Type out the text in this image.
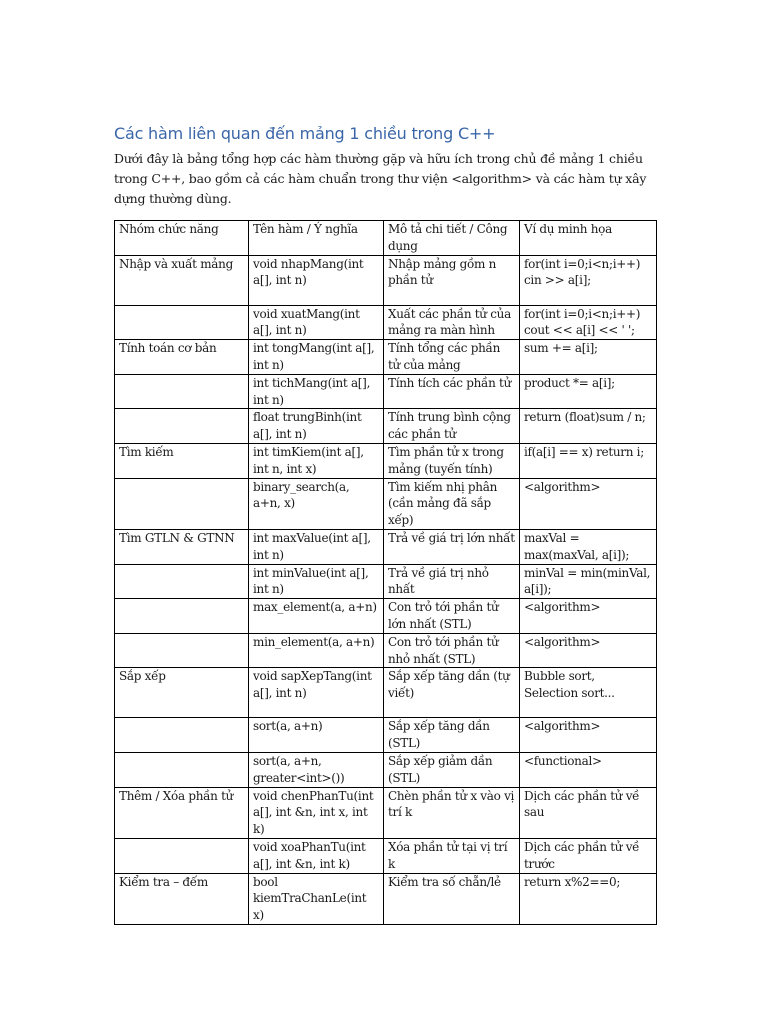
Các hàm liên quan đến mảng 1 chiều trong C++

Dưới đây là bảng tổng hợp các hàm thường gặp và hữu ích trong chủ đề mảng 1 chiều trong C++, bao gồm cả các hàm chuẩn trong thư viện <algorithm> và các hàm tự xây dựng thường dùng.

Nhóm chức năng	Tên hàm / Ý nghĩa	Mô tả chi tiết / Công dụng	Ví dụ minh họa
Nhập và xuất mảng	void nhapMang(int a[], int n)	Nhập mảng gồm n phần tử	for(int i=0;i<n;i++) cin >> a[i];
	void xuatMang(int a[], int n)	Xuất các phần tử của mảng ra màn hình	for(int i=0;i<n;i++) cout << a[i] << ' ';
Tính toán cơ bản	int tongMang(int a[], int n)	Tính tổng các phần tử của mảng	sum += a[i];
	int tichMang(int a[], int n)	Tính tích các phần tử	product *= a[i];
	float trungBinh(int a[], int n)	Tính trung bình cộng các phần tử	return (float)sum / n;
Tìm kiếm	int timKiem(int a[], int n, int x)	Tìm phần tử x trong mảng (tuyến tính)	if(a[i] == x) return i;
	binary_search(a, a+n, x)	Tìm kiếm nhị phân (cần mảng đã sắp xếp)	<algorithm>
Tìm GTLN & GTNN	int maxValue(int a[], int n)	Trả về giá trị lớn nhất	maxVal = max(maxVal, a[i]);
	int minValue(int a[], int n)	Trả về giá trị nhỏ nhất	minVal = min(minVal, a[i]);
	max_element(a, a+n)	Con trỏ tới phần tử lớn nhất (STL)	<algorithm>
	min_element(a, a+n)	Con trỏ tới phần tử nhỏ nhất (STL)	<algorithm>
Sắp xếp	void sapXepTang(int a[], int n)	Sắp xếp tăng dần (tự viết)	Bubble sort, Selection sort...
	sort(a, a+n)	Sắp xếp tăng dần (STL)	<algorithm>
	sort(a, a+n, greater<int>())	Sắp xếp giảm dần (STL)	<functional>
Thêm / Xóa phần tử	void chenPhanTu(int a[], int &n, int x, int k)	Chèn phần tử x vào vị trí k	Dịch các phần tử về sau
	void xoaPhanTu(int a[], int &n, int k)	Xóa phần tử tại vị trí k	Dịch các phần tử về trước
Kiểm tra – đếm	bool kiemTraChanLe(int x)	Kiểm tra số chẵn/lẻ	return x%2==0;
